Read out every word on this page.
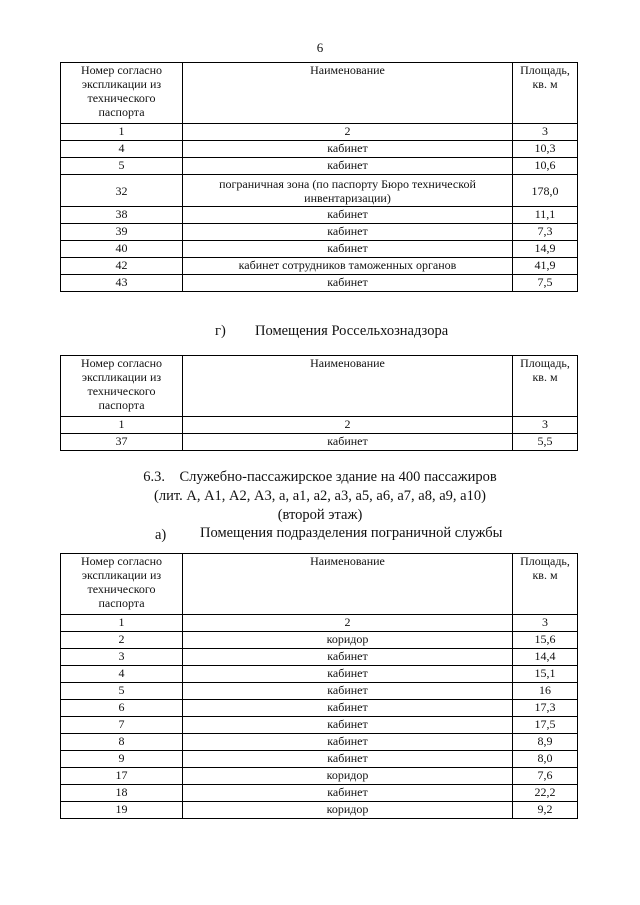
6
Номер согласно экспликации из технического паспорта	Наименование	Площадь, кв. м
1	2	3
4	кабинет	10,3
5	кабинет	10,6
32	пограничная зона (по паспорту Бюро технической инвентаризации)	178,0
38	кабинет	11,1
39	кабинет	7,3
40	кабинет	14,9
42	кабинет сотрудников таможенных органов	41,9
43	кабинет	7,5
г) Помещения Россельхознадзора
Номер согласно экспликации из технического паспорта	Наименование	Площадь, кв. м
1	2	3
37	кабинет	5,5
6.3.    Служебно-пассажирское здание на 400 пассажиров
(лит. А, А1, А2, А3, а, а1, а2, а3, а5, а6, а7, а8, а9, а10)
(второй этаж)
а) Помещения подразделения пограничной службы
Номер согласно экспликации из технического паспорта	Наименование	Площадь, кв. м
1	2	3
2	коридор	15,6
3	кабинет	14,4
4	кабинет	15,1
5	кабинет	16
6	кабинет	17,3
7	кабинет	17,5
8	кабинет	8,9
9	кабинет	8,0
17	коридор	7,6
18	кабинет	22,2
19	коридор	9,2
